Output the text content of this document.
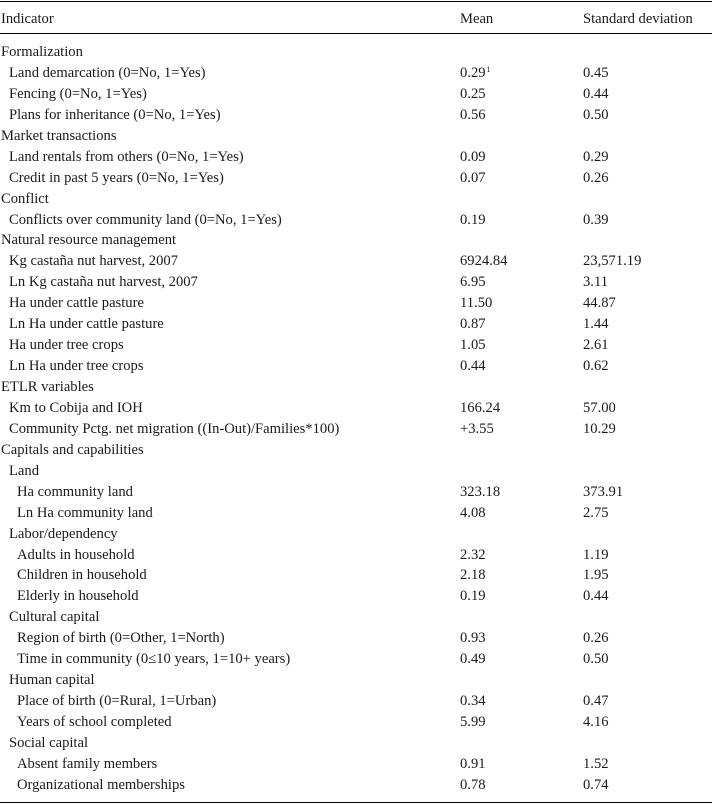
Indicator	Mean	Standard deviation
Formalization
Land demarcation (0=No, 1=Yes)	0.29$^1$	0.45
Fencing (0=No, 1=Yes)	0.25	0.44
Plans for inheritance (0=No, 1=Yes)	0.56	0.50
Market transactions
Land rentals from others (0=No, 1=Yes)	0.09	0.29
Credit in past 5 years (0=No, 1=Yes)	0.07	0.26
Conflict
Conflicts over community land (0=No, 1=Yes)	0.19	0.39
Natural resource management
Kg castaña nut harvest, 2007	6924.84	23,571.19
Ln Kg castaña nut harvest, 2007	6.95	3.11
Ha under cattle pasture	11.50	44.87
Ln Ha under cattle pasture	0.87	1.44
Ha under tree crops	1.05	2.61
Ln Ha under tree crops	0.44	0.62
ETLR variables
Km to Cobija and IOH	166.24	57.00
Community Pctg. net migration ((In-Out)/Families*100)	+3.55	10.29
Capitals and capabilities
Land
Ha community land	323.18	373.91
Ln Ha community land	4.08	2.75
Labor/dependency
Adults in household	2.32	1.19
Children in household	2.18	1.95
Elderly in household	0.19	0.44
Cultural capital
Region of birth (0=Other, 1=North)	0.93	0.26
Time in community (0≤10 years, 1=10+ years)	0.49	0.50
Human capital
Place of birth (0=Rural, 1=Urban)	0.34	0.47
Years of school completed	5.99	4.16
Social capital
Absent family members	0.91	1.52
Organizational memberships	0.78	0.74
